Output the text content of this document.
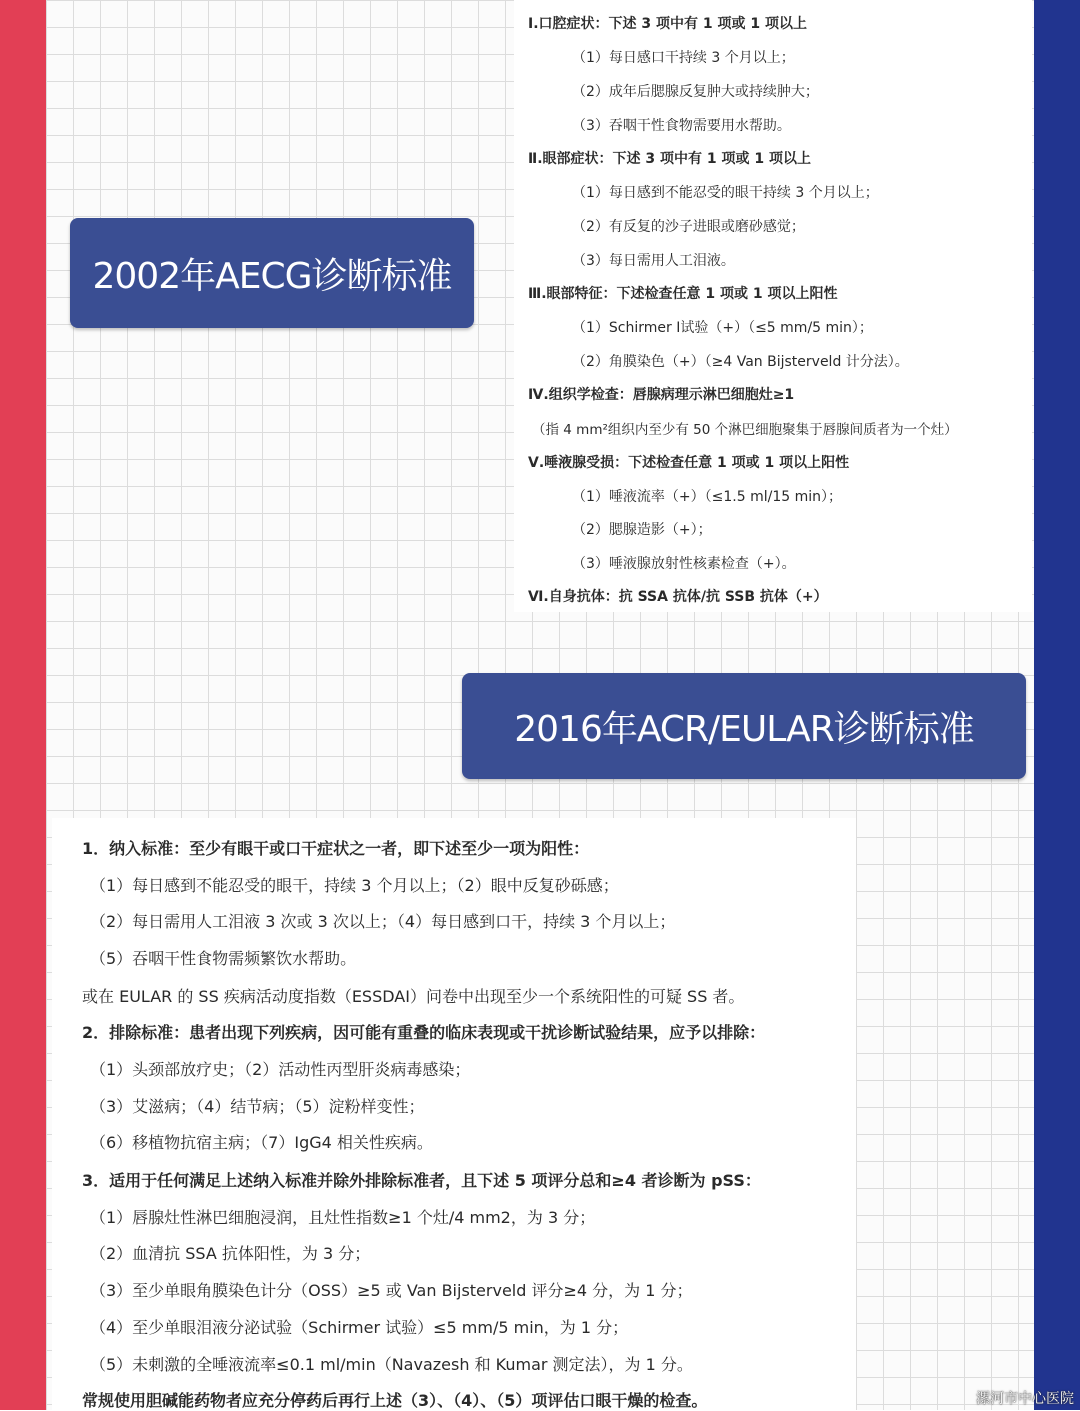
Ⅰ.口腔症状：下述 3 项中有 1 项或 1 项以上
（1）每日感口干持续 3 个月以上；
（2）成年后腮腺反复肿大或持续肿大；
（3）吞咽干性食物需要用水帮助。
Ⅱ.眼部症状：下述 3 项中有 1 项或 1 项以上
（1）每日感到不能忍受的眼干持续 3 个月以上；
（2）有反复的沙子进眼或磨砂感觉；
（3）每日需用人工泪液。
Ⅲ.眼部特征：下述检查任意 1 项或 1 项以上阳性
（1）Schirmer Ⅰ试验（+）（≤5 mm/5 min）；
（2）角膜染色（+）（≥4 Van Bijsterveld 计分法）。
Ⅳ.组织学检查：唇腺病理示淋巴细胞灶≥1
（指 4 mm²组织内至少有 50 个淋巴细胞聚集于唇腺间质者为一个灶）
Ⅴ.唾液腺受损：下述检查任意 1 项或 1 项以上阳性
（1）唾液流率（+）（≤1.5 ml/15 min）；
（2）腮腺造影（+）；
（3）唾液腺放射性核素检查（+）。
Ⅵ.自身抗体：抗 SSA 抗体/抗 SSB 抗体（+）
2002年AECG诊断标准
2016年ACR/EULAR诊断标准
1．纳入标准：至少有眼干或口干症状之一者，即下述至少一项为阳性：
（1）每日感到不能忍受的眼干，持续 3 个月以上；（2）眼中反复砂砾感；
（2）每日需用人工泪液 3 次或 3 次以上；（4）每日感到口干，持续 3 个月以上；
（5）吞咽干性食物需频繁饮水帮助。
或在 EULAR 的 SS 疾病活动度指数（ESSDAI）问卷中出现至少一个系统阳性的可疑 SS 者。
2．排除标准：患者出现下列疾病，因可能有重叠的临床表现或干扰诊断试验结果，应予以排除：
（1）头颈部放疗史；（2）活动性丙型肝炎病毒感染；
（3）艾滋病；（4）结节病；（5）淀粉样变性；
（6）移植物抗宿主病；（7）IgG4 相关性疾病。
3．适用于任何满足上述纳入标准并除外排除标准者，且下述 5 项评分总和≥4 者诊断为 pSS：
（1）唇腺灶性淋巴细胞浸润，且灶性指数≥1 个灶/4 mm2，为 3 分；
（2）血清抗 SSA 抗体阳性，为 3 分；
（3）至少单眼角膜染色计分（OSS）≥5 或 Van Bijsterveld 评分≥4 分，为 1 分；
（4）至少单眼泪液分泌试验（Schirmer 试验）≤5 mm/5 min，为 1 分；
（5）未刺激的全唾液流率≤0.1 ml/min（Navazesh 和 Kumar 测定法），为 1 分。
常规使用胆碱能药物者应充分停药后再行上述（3）、（4）、（5）项评估口眼干燥的检查。	漯河市中心医院
